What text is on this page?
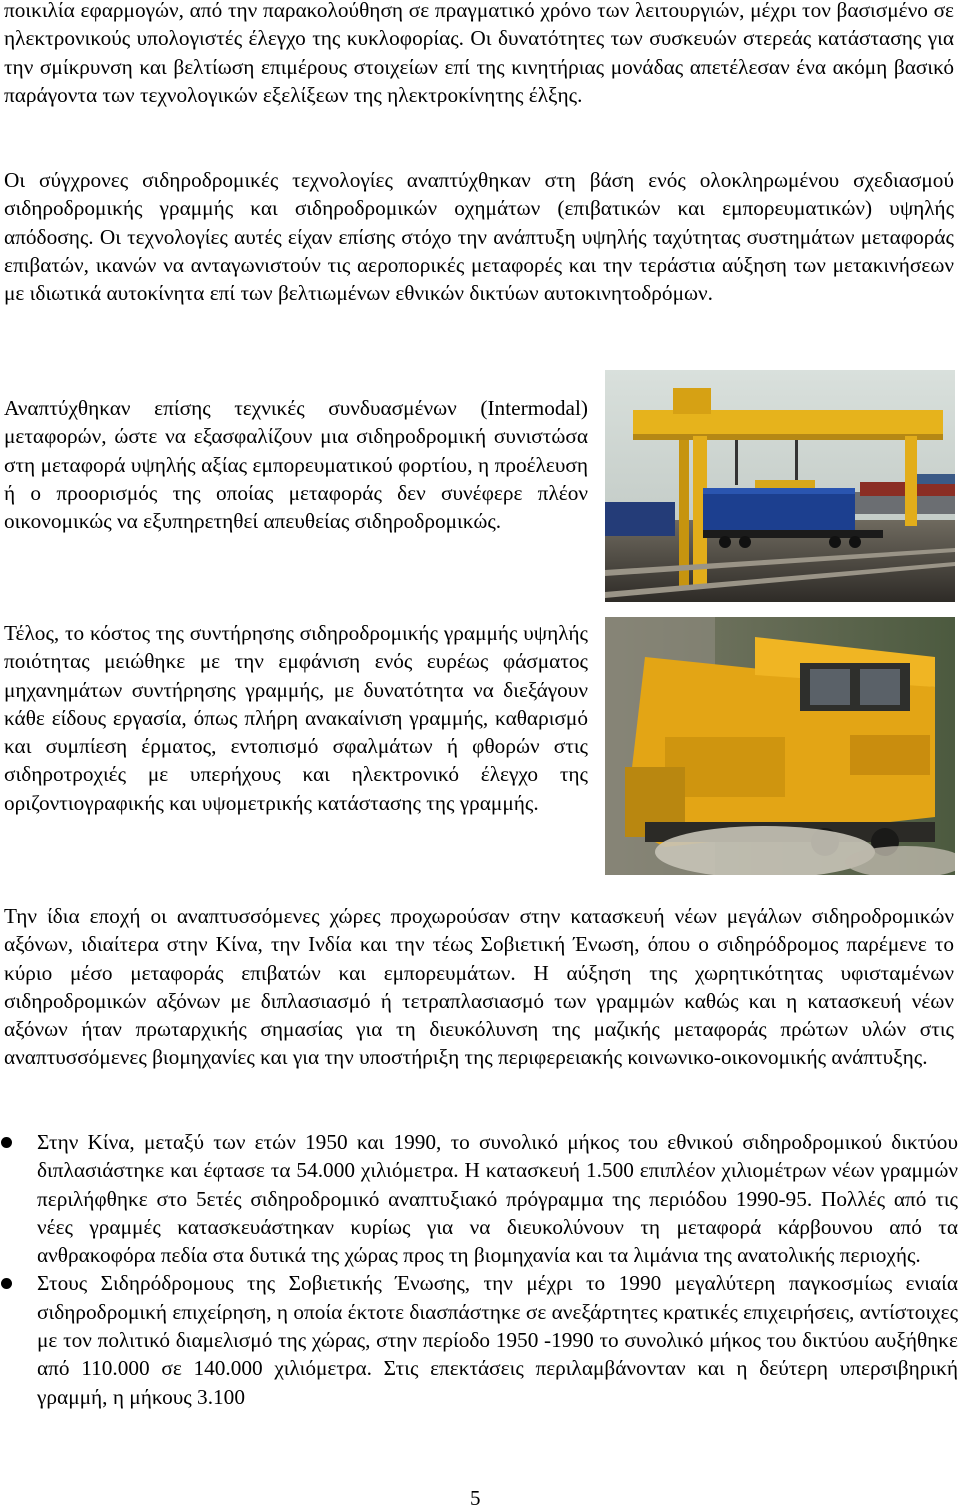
ποικιλία εφαρμογών, από την παρακολούθηση σε πραγματικό χρόνο των λειτουργιών, μέχρι τον βασισμένο σε ηλεκτρονικούς υπολογιστές έλεγχο της κυκλοφορίας. Οι δυνατότητες των συσκευών στερεάς κατάστασης για την σμίκρυνση και βελτίωση επιμέρους στοιχείων επί της κινητήριας μονάδας απετέλεσαν ένα ακόμη βασικό παράγοντα των τεχνολογικών εξελίξεων της ηλεκτροκίνητης έλξης.

Οι σύγχρονες σιδηροδρομικές τεχνολογίες αναπτύχθηκαν στη βάση ενός ολοκληρωμένου σχεδιασμού σιδηροδρομικής γραμμής και σιδηροδρομικών οχημάτων (επιβατικών και εμπορευματικών) υψηλής απόδοσης. Οι τεχνολογίες αυτές είχαν επίσης στόχο την ανάπτυξη υψηλής ταχύτητας συστημάτων μεταφοράς επιβατών, ικανών να ανταγωνιστούν τις αεροπορικές μεταφορές και την τεράστια αύξηση των μετακινήσεων με ιδιωτικά αυτοκίνητα επί των βελτιωμένων εθνικών δικτύων αυτοκινητοδρόμων.

Αναπτύχθηκαν επίσης τεχνικές συνδυασμένων (Intermodal) μεταφορών, ώστε να εξασφαλίζουν μια σιδηροδρομική συνιστώσα στη μεταφορά υψηλής αξίας εμπορευματικού φορτίου, η προέλευση ή ο προορισμός της οποίας μεταφοράς δεν συνέφερε πλέον οικονομικώς να εξυπηρετηθεί απευθείας σιδηροδρομικώς.

Τέλος, το κόστος της συντήρησης σιδηροδρομικής γραμμής υψηλής ποιότητας μειώθηκε με την εμφάνιση ενός ευρέως φάσματος μηχανημάτων συντήρησης γραμμής, με δυνατότητα να διεξάγουν κάθε είδους εργασία, όπως πλήρη ανακαίνιση γραμμής, καθαρισμό και συμπίεση έρματος, εντοπισμό σφαλμάτων ή φθορών στις σιδηροτροχιές με υπερήχους και ηλεκτρονικό έλεγχο της οριζοντιογραφικής και υψομετρικής κατάστασης της γραμμής.

Την ίδια εποχή οι αναπτυσσόμενες χώρες προχωρούσαν στην κατασκευή νέων μεγάλων σιδηροδρομικών αξόνων, ιδιαίτερα στην Κίνα, την Ινδία και την τέως Σοβιετική Ένωση, όπου ο σιδηρόδρομος παρέμενε το κύριο μέσο μεταφοράς επιβατών και εμπορευμάτων. Η αύξηση της χωρητικότητας υφισταμένων σιδηροδρομικών αξόνων με διπλασιασμό ή τετραπλασιασμό των γραμμών καθώς και η κατασκευή νέων αξόνων ήταν πρωταρχικής σημασίας για τη διευκόλυνση της μαζικής μεταφοράς πρώτων υλών στις αναπτυσσόμενες βιομηχανίες και για την υποστήριξη της περιφερειακής κοινωνικο-οικονομικής ανάπτυξης.

Στην Κίνα, μεταξύ των ετών 1950 και 1990, το συνολικό μήκος του εθνικού σιδηροδρομικού δικτύου διπλασιάστηκε και έφτασε τα 54.000 χιλιόμετρα. Η κατασκευή 1.500 επιπλέον χιλιομέτρων νέων γραμμών περιλήφθηκε στο 5ετές σιδηροδρομικό αναπτυξιακό πρόγραμμα της περιόδου 1990-95. Πολλές από τις νέες γραμμές κατασκευάστηκαν κυρίως για να διευκολύνουν τη μεταφορά κάρβουνου από τα ανθρακοφόρα πεδία στα δυτικά της χώρας προς τη βιομηχανία και τα λιμάνια της ανατολικής περιοχής.
Στους Σιδηρόδρομους της Σοβιετικής Ένωσης, την μέχρι το 1990 μεγαλύτερη παγκοσμίως ενιαία σιδηροδρομική επιχείρηση, η οποία έκτοτε διασπάστηκε σε ανεξάρτητες κρατικές επιχειρήσεις, αντίστοιχες με τον πολιτικό διαμελισμό της χώρας, στην περίοδο 1950 -1990 το συνολικό μήκος του δικτύου αυξήθηκε από 110.000 σε 140.000 χιλιόμετρα. Στις επεκτάσεις περιλαμβάνονταν και η δεύτερη υπερσιβηρική γραμμή, η μήκους 3.100
5
